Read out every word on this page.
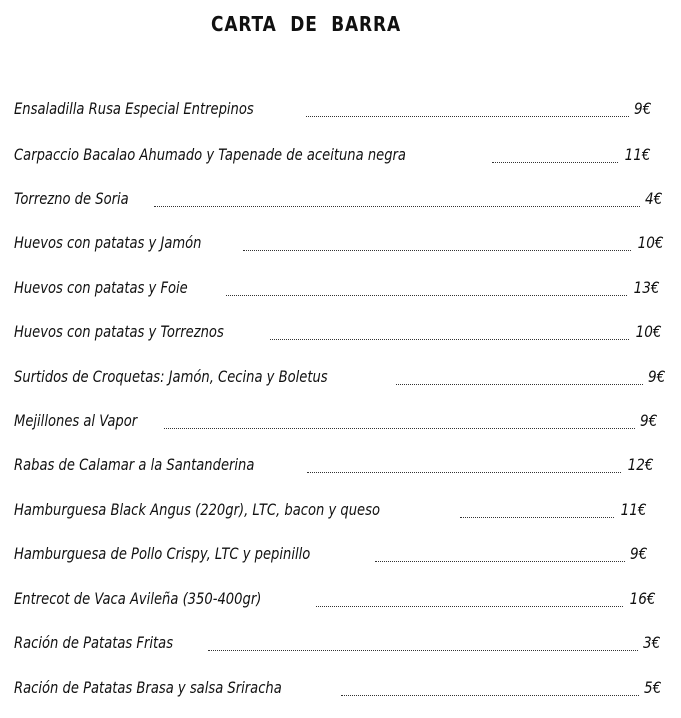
CARTA DE BARRA
Ensaladilla Rusa Especial Entrepinos	9€
Carpaccio Bacalao Ahumado y Tapenade de aceituna negra	11€
Torrezno de Soria	4€
Huevos con patatas y Jamón	10€
Huevos con patatas y Foie	13€
Huevos con patatas y Torreznos	10€
Surtidos de Croquetas: Jamón, Cecina y Boletus	9€
Mejillones al Vapor	9€
Rabas de Calamar a la Santanderina	12€
Hamburguesa Black Angus (220gr), LTC, bacon y queso	11€
Hamburguesa de Pollo Crispy, LTC y pepinillo	9€
Entrecot de Vaca Avileña (350-400gr)	16€
Ración de Patatas Fritas	3€
Ración de Patatas Brasa y salsa Sriracha	5€
